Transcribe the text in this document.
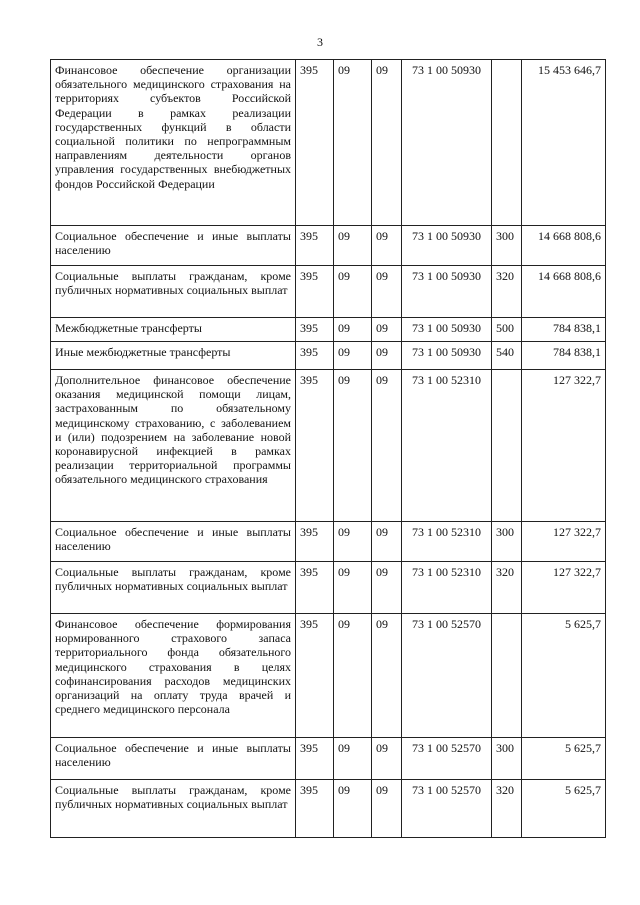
3
Финансовое обеспечение организации обязательного медицинского страхования на территориях субъектов Российской Федерации в рамках реализации государственных функций в области социальной политики по непрограммным направлениям деятельности органов управления государственных внебюджетных фондов Российской Федерации	395	09	09	73 1 00 50930		15 453 646,7
Социальное обеспечение и иные выплаты населению	395	09	09	73 1 00 50930	300	14 668 808,6
Социальные выплаты гражданам, кроме публичных нормативных социальных выплат	395	09	09	73 1 00 50930	320	14 668 808,6
Межбюджетные трансферты	395	09	09	73 1 00 50930	500	784 838,1
Иные межбюджетные трансферты	395	09	09	73 1 00 50930	540	784 838,1
Дополнительное финансовое обеспечение оказания медицинской помощи лицам, застрахованным по обязательному медицинскому страхованию, с заболеванием и (или) подозрением на заболевание новой коронавирусной инфекцией в рамках реализации территориальной программы обязательного медицинского страхования	395	09	09	73 1 00 52310		127 322,7
Социальное обеспечение и иные выплаты населению	395	09	09	73 1 00 52310	300	127 322,7
Социальные выплаты гражданам, кроме публичных нормативных социальных выплат	395	09	09	73 1 00 52310	320	127 322,7
Финансовое обеспечение формирования нормированного страхового запаса территориального фонда обязательного медицинского страхования в целях софинансирования расходов медицинских организаций на оплату труда врачей и среднего медицинского персонала	395	09	09	73 1 00 52570		5 625,7
Социальное обеспечение и иные выплаты населению	395	09	09	73 1 00 52570	300	5 625,7
Социальные выплаты гражданам, кроме публичных нормативных социальных выплат	395	09	09	73 1 00 52570	320	5 625,7
